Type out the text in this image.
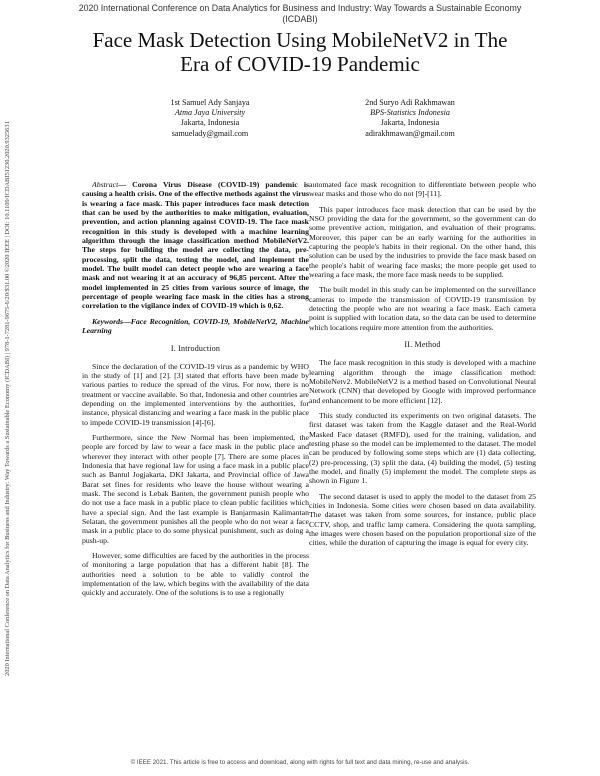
2020 International Conference on Data Analytics for Business and Industry: Way Towards a Sustainable Economy
(ICDABI)
2020 International Conference on Data Analytics for Business and Industry: Way Towards a Sustainable Economy (ICDABI) | 978-1-7281-9675-6/20/$31.00 ©2020 IEEE | DOI: 10.1109/ICDABI51230.2020.9325631
Face Mask Detection Using MobileNetV2 in The
Era of COVID-19 Pandemic
1st Samuel Ady Sanjaya
Atma Jaya University
Jakarta, Indonesia
samuelady@gmail.com
2nd Suryo Adi Rakhmawan
BPS-Statistics Indonesia
Jakarta, Indonesia
adirakhmawan@gmail.com

Abstract— Corona Virus Disease (COVID-19) pandemic is causing a health crisis. One of the effective methods against the virus is wearing a face mask. This paper introduces face mask detection that can be used by the authorities to make mitigation, evaluation, prevention, and action planning against COVID-19. The face mask recognition in this study is developed with a machine learning algorithm through the image classification method MobileNetV2. The steps for building the model are collecting the data, pre-processing, split the data, testing the model, and implement the model. The built model can detect people who are wearing a face mask and not wearing it at an accuracy of 96,85 percent. After the model implemented in 25 cities from various source of image, the percentage of people wearing face mask in the cities has a strong correlation to the vigilance index of COVID-19 which is 0,62.

Keywords—Face Recognition, COVID-19, MobileNetV2, Machine Learning

I. Introduction

Since the declaration of the COVID-19 virus as a pandemic by WHO in the study of [1] and [2]. [3] stated that efforts have been made by various parties to reduce the spread of the virus. For now, there is no treatment or vaccine available. So that, Indonesia and other countries are depending on the implemented interventions by the authorities, for instance, physical distancing and wearing a face mask in the public place to impede COVID-19 transmission [4]-[6].

Furthermore, since the New Normal has been implemented, the people are forced by law to wear a face mask in the public place and wherever they interact with other people [7]. There are some places in Indonesia that have regional law for using a face mask in a public place such as Bantul Jogjakarta, DKI Jakarta, and Provincial office of Jawa Barat set fines for residents who leave the house without wearing a mask. The second is Lebak Banten, the government punish people who do not use a face mask in a public place to clean public facilities which have a special sign. And the last example is Banjarmasin Kalimantan Selatan, the government punishes all the people who do not wear a face mask in a public place to do some physical punishment, such as doing a push-up.

However, some difficulties are faced by the authorities in the process of monitoring a large population that has a different habit [8]. The authorities need a solution to be able to validly control the implementation of the law, which begins with the availability of the data quickly and accurately. One of the solutions is to use a regionally

automated face mask recognition to differentiate between people who wear masks and those who do not [9]-[11].

This paper introduces face mask detection that can be used by the NSO providing the data for the government, so the government can do some preventive action, mitigation, and evaluation of their programs. Moreover, this paper can be an early warning for the authorities in capturing the people's habits in their regional. On the other hand, this solution can be used by the industries to provide the face mask based on the people's habit of wearing face masks; the more people get used to wearing a face mask, the more face mask needs to be supplied.

The built model in this study can be implemented on the surveillance cameras to impede the transmission of COVID-19 transmission by detecting the people who are not wearing a face mask. Each camera point is supplied with location data, so the data can be used to determine which locations require more attention from the authorities.

II. Method

The face mask recognition in this study is developed with a machine learning algorithm through the image classification method: MobileNetv2. MobileNetV2 is a method based on Convolutional Neural Network (CNN) that developed by Google with improved performance and enhancement to be more efficient [12].

This study conducted its experiments on two original datasets. The first dataset was taken from the Kaggle dataset and the Real-World Masked Face dataset (RMFD), used for the training, validation, and testing phase so the model can be implemented to the dataset. The model can be produced by following some steps which are (1) data collecting, (2) pre-processing, (3) split the data, (4) building the model, (5) testing the model, and finally (5) implement the model. The complete steps as shown in Figure 1.

The second dataset is used to apply the model to the dataset from 25 cities in Indonesia. Some cities were chosen based on data availability. The dataset was taken from some sources, for instance, public place CCTV, shop, and traffic lamp camera. Considering the quota sampling, the images were chosen based on the population proportional size of the cities, while the duration of capturing the image is equal for every city.

© IEEE 2021. This article is free to access and download, along with rights for full text and data mining, re-use and analysis.
